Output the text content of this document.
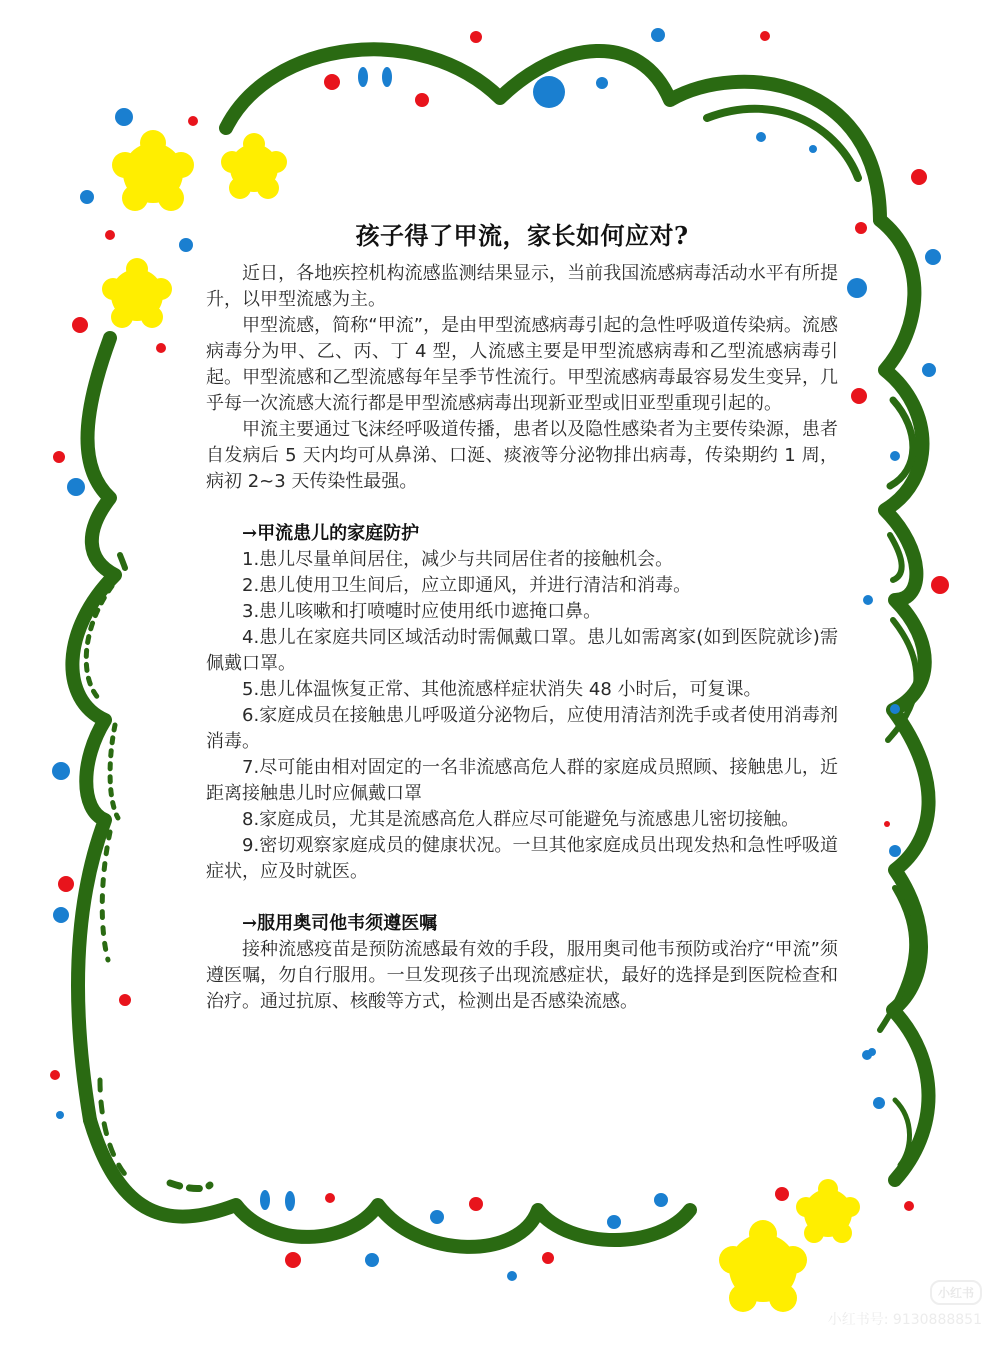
孩子得了甲流，家长如何应对?

近日，各地疾控机构流感监测结果显示，当前我国流感病毒活动水平有所提升，以甲型流感为主。

甲型流感，简称“甲流”，是由甲型流感病毒引起的急性呼吸道传染病。流感病毒分为甲、乙、丙、丁 4 型，人流感主要是甲型流感病毒和乙型流感病毒引起。甲型流感和乙型流感每年呈季节性流行。甲型流感病毒最容易发生变异，几乎每一次流感大流行都是甲型流感病毒出现新亚型或旧亚型重现引起的。

甲流主要通过飞沫经呼吸道传播，患者以及隐性感染者为主要传染源，患者自发病后 5 天内均可从鼻涕、口涎、痰液等分泌物排出病毒，传染期约 1 周，病初 2~3 天传染性最强。

→甲流患儿的家庭防护

1.患儿尽量单间居住，减少与共同居住者的接触机会。

2.患儿使用卫生间后，应立即通风，并进行清洁和消毒。

3.患儿咳嗽和打喷嚏时应使用纸巾遮掩口鼻。

4.患儿在家庭共同区域活动时需佩戴口罩。患儿如需离家(如到医院就诊)需佩戴口罩。

5.患儿体温恢复正常、其他流感样症状消失 48 小时后，可复课。

6.家庭成员在接触患儿呼吸道分泌物后，应使用清洁剂洗手或者使用消毒剂消毒。

7.尽可能由相对固定的一名非流感高危人群的家庭成员照顾、接触患儿，近距离接触患儿时应佩戴口罩

8.家庭成员，尤其是流感高危人群应尽可能避免与流感患儿密切接触。

9.密切观察家庭成员的健康状况。一旦其他家庭成员出现发热和急性呼吸道症状，应及时就医。

→服用奥司他韦须遵医嘱

接种流感疫苗是预防流感最有效的手段，服用奥司他韦预防或治疗“甲流”须遵医嘱，勿自行服用。一旦发现孩子出现流感症状，最好的选择是到医院检查和治疗。通过抗原、核酸等方式，检测出是否感染流感。

小红书
小红书号: 9130888851
